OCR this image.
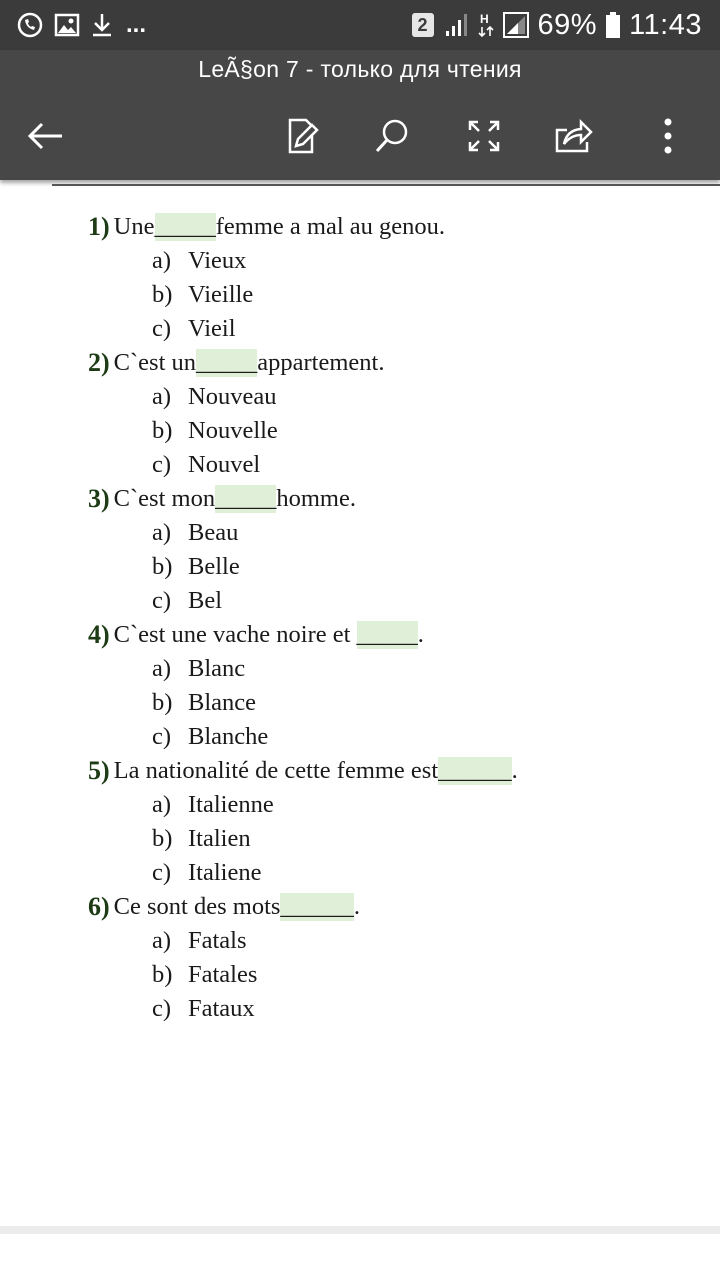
...	2	H 69% 11:43
LeÃ§on 7 - только для чтения
1) Une _____ femme a mal au genou.
a) Vieux
b) Vieille
c) Vieil
2) C`est un _____ appartement.
a) Nouveau
b) Nouvelle
c) Nouvel
3) C`est mon _____ homme.
a) Beau
b) Belle
c) Bel
4) C`est une vache noire et _____ .
a) Blanc
b) Blance
c) Blanche
5) La nationalité de cette femme est ______ .
a) Italienne
b) Italien
c) Italiene
6) Ce sont des mots ______ .
a) Fatals
b) Fatales
c) Fataux
